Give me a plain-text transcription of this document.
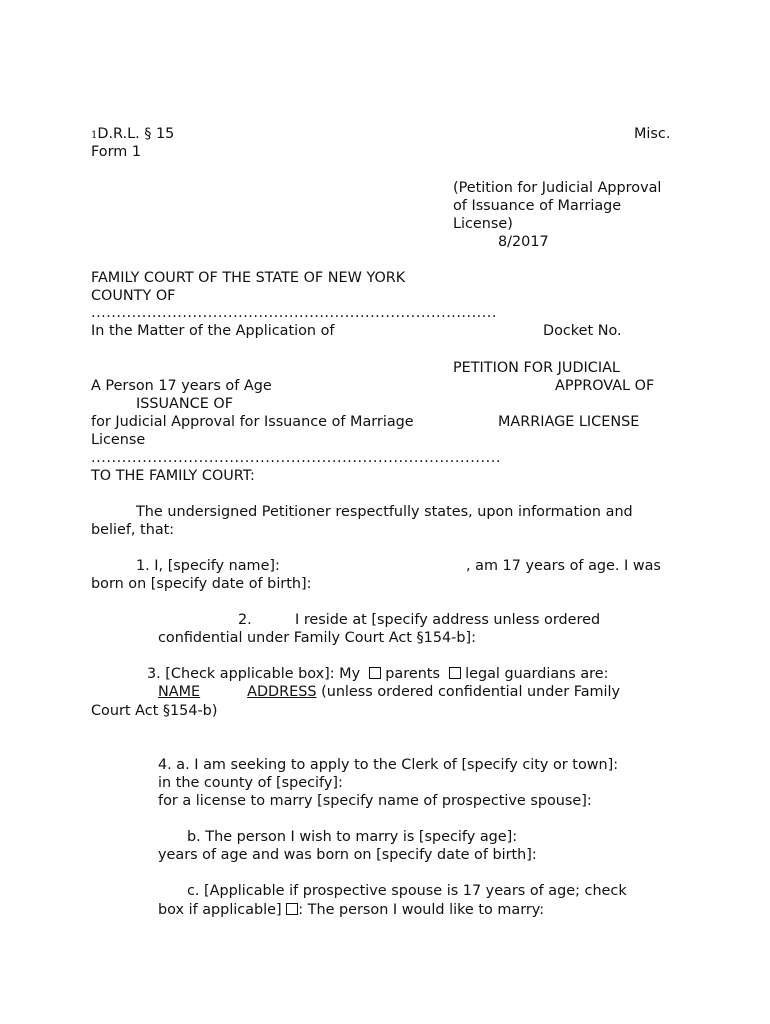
1D.R.L. § 15	Misc.
Form 1
(Petition for Judicial Approval
of Issuance of Marriage
License)
8/2017
FAMILY COURT OF THE STATE OF NEW YORK
COUNTY OF
................................................................................
In the Matter of the Application of	Docket No.
PETITION FOR JUDICIAL
A Person 17 years of Age	APPROVAL OF
ISSUANCE OF
for Judicial Approval for Issuance of Marriage	MARRIAGE LICENSE
License
................................................................................
TO THE FAMILY COURT:
The undersigned Petitioner respectfully states, upon information and
belief, that:
1. I, [specify name]:	, am 17 years of age. I was
born on [specify date of birth]:
2.	I reside at [specify address unless ordered
confidential under Family Court Act §154-b]:
3. [Check applicable box]: My parents legal guardians are:
NAME	ADDRESS (unless ordered confidential under Family
Court Act §154-b)
4. a. I am seeking to apply to the Clerk of [specify city or town]:
in the county of [specify]:
for a license to marry [specify name of prospective spouse]:
b. The person I wish to marry is [specify age]:
years of age and was born on [specify date of birth]:
c. [Applicable if prospective spouse is 17 years of age; check
box if applicable] : The person I would like to marry:
